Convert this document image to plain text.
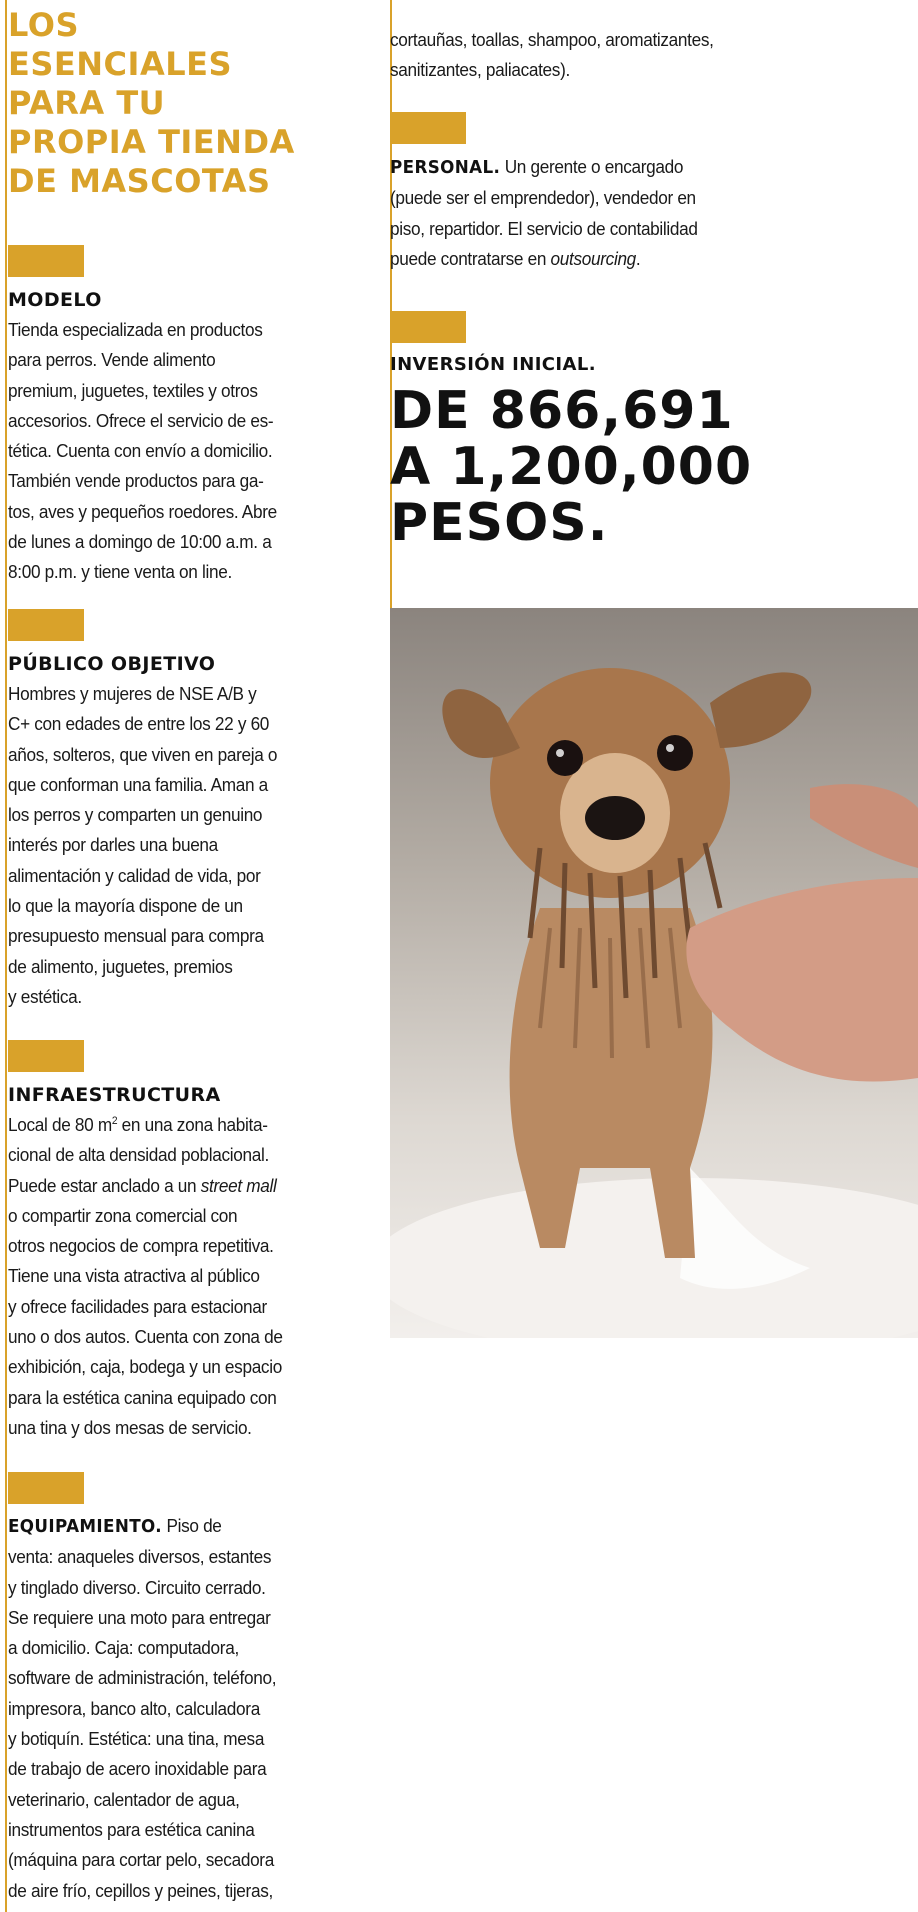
LOS
ESENCIALES
PARA TU
PROPIA TIENDA
DE MASCOTAS
MODELO
Tienda especializada en productos
para perros. Vende alimento
premium, juguetes, textiles y otros
accesorios. Ofrece el servicio de es-
tética. Cuenta con envío a domicilio.
También vende productos para ga-
tos, aves y pequeños roedores. Abre
de lunes a domingo de 10:00 a.m. a
8:00 p.m. y tiene venta on line.
PÚBLICO OBJETIVO
Hombres y mujeres de NSE A/B y
C+ con edades de entre los 22 y 60
años, solteros, que viven en pareja o
que conforman una familia. Aman a
los perros y comparten un genuino
interés por darles una buena
alimentación y calidad de vida, por
lo que la mayoría dispone de un
presupuesto mensual para compra
de alimento, juguetes, premios
y estética.
INFRAESTRUCTURA
Local de 80 $m^2$ en una zona habita-
cional de alta densidad poblacional.
Puede estar anclado a un street mall
o compartir zona comercial con
otros negocios de compra repetitiva.
Tiene una vista atractiva al público
y ofrece facilidades para estacionar
uno o dos autos. Cuenta con zona de
exhibición, caja, bodega y un espacio
para la estética canina equipado con
una tina y dos mesas de servicio.
EQUIPAMIENTO. Piso de
venta: anaqueles diversos, estantes
y tinglado diverso. Circuito cerrado.
Se requiere una moto para entregar
a domicilio. Caja: computadora,
software de administración, teléfono,
impresora, banco alto, calculadora
y botiquín. Estética: una tina, mesa
de trabajo de acero inoxidable para
veterinario, calentador de agua,
instrumentos para estética canina
(máquina para cortar pelo, secadora
de aire frío, cepillos y peines, tijeras,
cortauñas, toallas, shampoo, aromatizantes,
sanitizantes, paliacates).
PERSONAL. Un gerente o encargado
(puede ser el emprendedor), vendedor en
piso, repartidor. El servicio de contabilidad
puede contratarse en outsourcing.
INVERSIÓN INICIAL.
DE 866,691
A 1,200,000
PESOS.
